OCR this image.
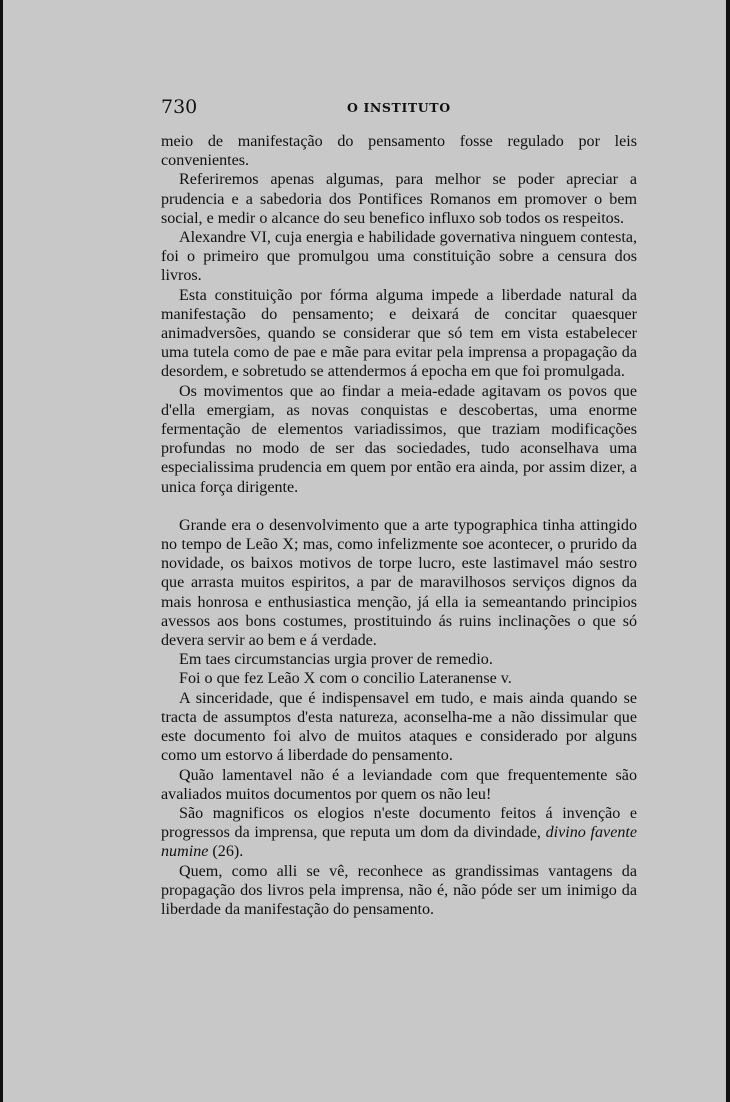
730	O INSTITUTO

meio de manifestação do pensamento fosse regulado por leis convenientes.

Referiremos apenas algumas, para melhor se poder apreciar a prudencia e a sabedoria dos Pontifices Romanos em promover o bem social, e medir o alcance do seu benefico influxo sob todos os respeitos.

Alexandre VI, cuja energia e habilidade governativa ninguem contesta, foi o primeiro que promulgou uma constituição sobre a censura dos livros.

Esta constituição por fórma alguma impede a liberdade natural da manifestação do pensamento; e deixará de concitar quaesquer animadversões, quando se considerar que só tem em vista estabelecer uma tutela como de pae e mãe para evitar pela imprensa a propagação da desordem, e sobretudo se attendermos á epocha em que foi promulgada.

Os movimentos que ao findar a meia-edade agitavam os povos que d'ella emergiam, as novas conquistas e descobertas, uma enorme fermentação de elementos variadissimos, que traziam modificações profundas no modo de ser das sociedades, tudo aconselhava uma especialissima prudencia em quem por então era ainda, por assim dizer, a unica força dirigente.

Grande era o desenvolvimento que a arte typographica tinha attingido no tempo de Leão X; mas, como infelizmente soe acontecer, o prurido da novidade, os baixos motivos de torpe lucro, este lastimavel máo sestro que arrasta muitos espiritos, a par de maravilhosos serviços dignos da mais honrosa e enthusiastica menção, já ella ia semeantando principios avessos aos bons costumes, prostituindo ás ruins inclinações o que só devera servir ao bem e á verdade.

Em taes circumstancias urgia prover de remedio.

Foi o que fez Leão X com o concilio Lateranense v.

A sinceridade, que é indispensavel em tudo, e mais ainda quando se tracta de assumptos d'esta natureza, aconselha-me a não dissimular que este documento foi alvo de muitos ataques e considerado por alguns como um estorvo á liberdade do pensamento.

Quão lamentavel não é a leviandade com que frequentemente são avaliados muitos documentos por quem os não leu!

São magnificos os elogios n'este documento feitos á invenção e progressos da imprensa, que reputa um dom da divindade, divino favente numine (26).

Quem, como alli se vê, reconhece as grandissimas vantagens da propagação dos livros pela imprensa, não é, não póde ser um inimigo da liberdade da manifestação do pensamento.
